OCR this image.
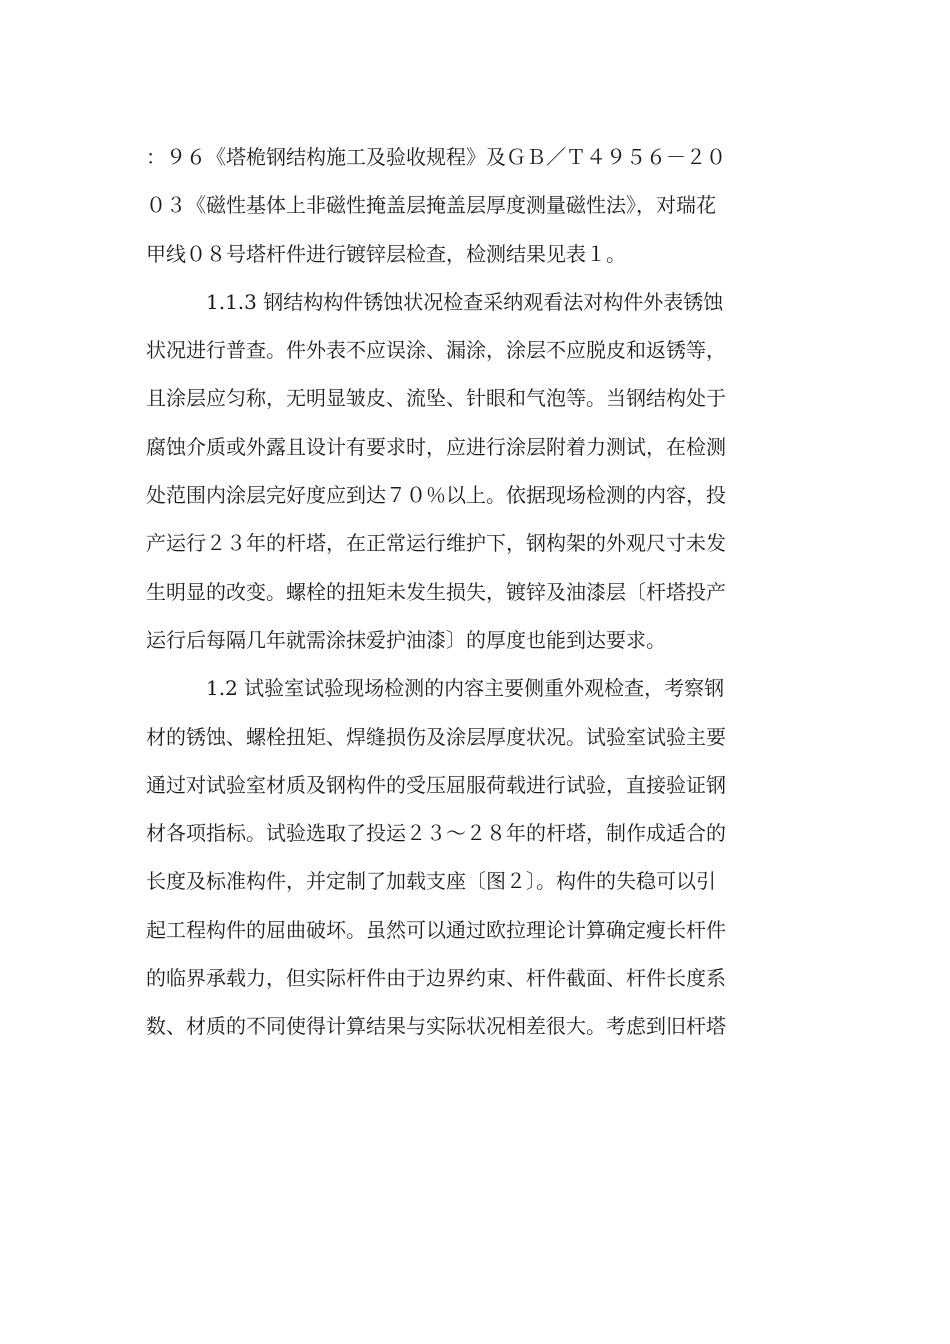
：９６《塔桅钢结构施工及验收规程》及ＧＢ／Ｔ４９５６－２０
０３《磁性基体上非磁性掩盖层掩盖层厚度测量磁性法》，对瑞花
甲线０８号塔杆件进行镀锌层检查，检测结果见表１。
　　　1.1.3 钢结构构件锈蚀状况检查采纳观看法对构件外表锈蚀
状况进行普查。件外表不应误涂、漏涂，涂层不应脱皮和返锈等，
且涂层应匀称，无明显皱皮、流坠、针眼和气泡等。当钢结构处于
腐蚀介质或外露且设计有要求时，应进行涂层附着力测试，在检测
处范围内涂层完好度应到达７０％以上。依据现场检测的内容，投
产运行２３年的杆塔，在正常运行维护下，钢构架的外观尺寸未发
生明显的改变。螺栓的扭矩未发生损失，镀锌及油漆层〔杆塔投产
运行后每隔几年就需涂抹爱护油漆〕的厚度也能到达要求。
　　　1.2 试验室试验现场检测的内容主要侧重外观检查，考察钢
材的锈蚀、螺栓扭矩、焊缝损伤及涂层厚度状况。试验室试验主要
通过对试验室材质及钢构件的受压屈服荷载进行试验，直接验证钢
材各项指标。试验选取了投运２３～２８年的杆塔，制作成适合的
长度及标准构件，并定制了加载支座〔图２〕。构件的失稳可以引
起工程构件的屈曲破坏。虽然可以通过欧拉理论计算确定瘦长杆件
的临界承载力，但实际杆件由于边界约束、杆件截面、杆件长度系
数、材质的不同使得计算结果与实际状况相差很大。考虑到旧杆塔
